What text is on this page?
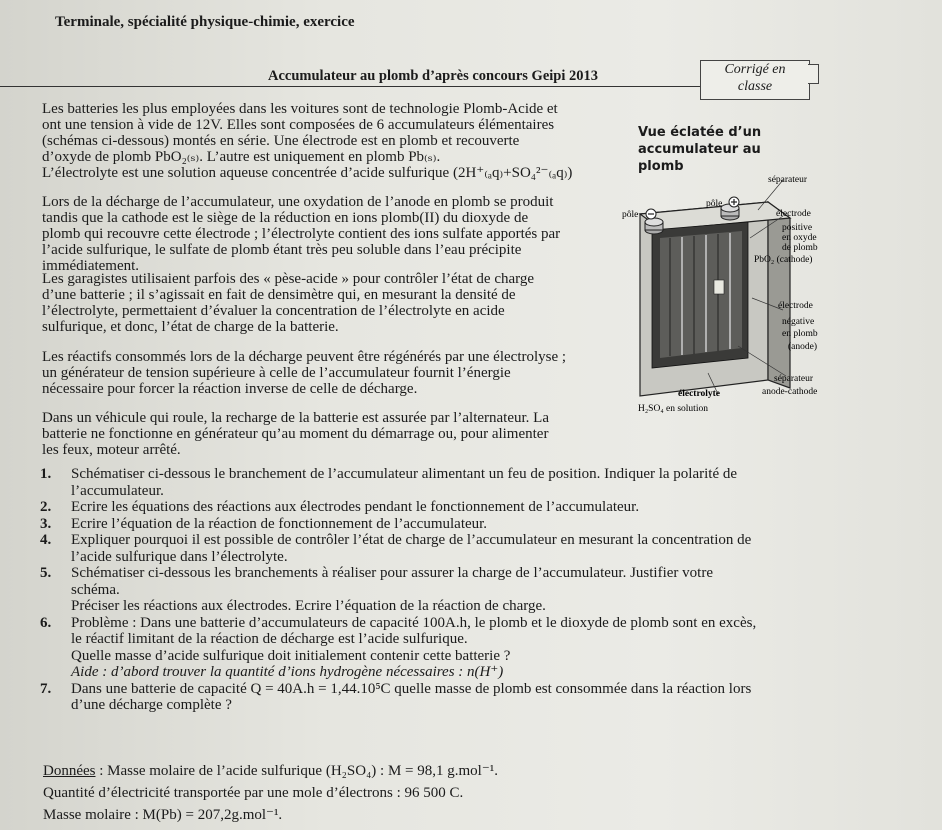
Terminale, spécialité physique-chimie, exercice
Accumulateur au plomb d’après concours Geipi 2013	Corrigé en
classe

Les batteries les plus employées dans les voitures sont de technologie Plomb-Acide et

ont une tension à vide de 12V. Elles sont composées de 6 accumulateurs élémentaires

(schémas ci-dessous) montés en série. Une électrode est en plomb et recouverte

d’oxyde de plomb PbO₂₍ₛ₎. L’autre est uniquement en plomb Pb₍ₛ₎.

L’électrolyte est une solution aqueuse concentrée d’acide sulfurique (2H⁺₍ₐq₎+SO₄²⁻₍ₐq₎)

Lors de la décharge de l’accumulateur, une oxydation de l’anode en plomb se produit

tandis que la cathode est le siège de la réduction en ions plomb(II) du dioxyde de

plomb qui recouvre cette électrode ; l’électrolyte contient des ions sulfate apportés par

l’acide sulfurique, le sulfate de plomb étant très peu soluble dans l’eau précipite

immédiatement.

Les garagistes utilisaient parfois des « pèse-acide » pour contrôler l’état de charge

d’une batterie ; il s’agissait en fait de densimètre qui, en mesurant la densité de

l’électrolyte, permettaient d’évaluer la concentration de l’électrolyte en acide

sulfurique, et donc, l’état de charge de la batterie.

Les réactifs consommés lors de la décharge peuvent être régénérés par une électrolyse ;

un générateur de tension supérieure à celle de l’accumulateur fournit l’énergie

nécessaire pour forcer la réaction inverse de celle de décharge.

Dans un véhicule qui roule, la recharge de la batterie est assurée par l’alternateur. La

batterie ne fonctionne en générateur qu’au moment du démarrage ou, pour alimenter

les feux, moteur arrêté.

Vue éclatée d’un
accumulateur au plomb
séparateur
pôle
pôle
électrode
positive
en oxyde
de plomb
PbO₂ (cathode)
électrode
négative
en plomb
(anode)
séparateur
anode-cathode
électrolyte
H₂SO₄ en solution
1. Schématiser ci-dessous le branchement de l’accumulateur alimentant un feu de position. Indiquer la polarité de
l’accumulateur.
2. Ecrire les équations des réactions aux électrodes pendant le fonctionnement de l’accumulateur.
3. Ecrire l’équation de la réaction de fonctionnement de l’accumulateur.
4. Expliquer pourquoi il est possible de contrôler l’état de charge de l’accumulateur en mesurant la concentration de
l’acide sulfurique dans l’électrolyte.
5. Schématiser ci-dessous les branchements à réaliser pour assurer la charge de l’accumulateur. Justifier votre
schéma.
Préciser les réactions aux électrodes. Ecrire l’équation de la réaction de charge.
6. Problème : Dans une batterie d’accumulateurs de capacité 100A.h, le plomb et le dioxyde de plomb sont en excès,
le réactif limitant de la réaction de décharge est l’acide sulfurique.
Quelle masse d’acide sulfurique doit initialement contenir cette batterie ?
Aide : d’abord trouver la quantité d’ions hydrogène nécessaires : n(H⁺)
7. Dans une batterie de capacité Q = 40A.h = 1,44.10⁵C quelle masse de plomb est consommée dans la réaction lors
d’une décharge complète ?
Données : Masse molaire de l’acide sulfurique (H₂SO₄) : M = 98,1 g.mol⁻¹.
Quantité d’électricité transportée par une mole d’électrons : 96 500 C.
Masse molaire : M(Pb) = 207,2g.mol⁻¹.
